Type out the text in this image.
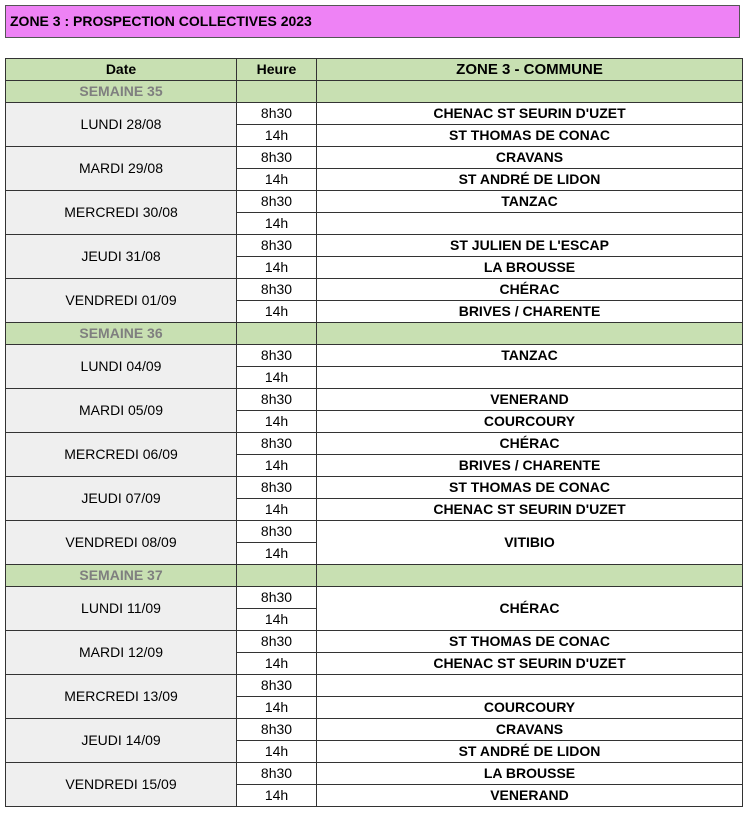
ZONE 3 : PROSPECTION COLLECTIVES 2023
Date	Heure	ZONE 3 - COMMUNE
SEMAINE 35		
LUNDI 28/08	8h30	CHENAC ST SEURIN D'UZET
	14h	ST THOMAS DE CONAC
MARDI 29/08	8h30	CRAVANS
	14h	ST ANDRÉ DE LIDON
MERCREDI 30/08	8h30	TANZAC
	14h	
JEUDI 31/08	8h30	ST JULIEN DE L'ESCAP
	14h	LA BROUSSE
VENDREDI 01/09	8h30	CHÉRAC
	14h	BRIVES / CHARENTE
SEMAINE 36		
LUNDI 04/09	8h30	TANZAC
	14h	
MARDI 05/09	8h30	VENERAND
	14h	COURCOURY
MERCREDI 06/09	8h30	CHÉRAC
	14h	BRIVES / CHARENTE
JEUDI 07/09	8h30	ST THOMAS DE CONAC
	14h	CHENAC ST SEURIN D'UZET
VENDREDI 08/09	8h30	VITIBIO
	14h	
SEMAINE 37		
LUNDI 11/09	8h30	CHÉRAC
	14h	
MARDI 12/09	8h30	ST THOMAS DE CONAC
	14h	CHENAC ST SEURIN D'UZET
MERCREDI 13/09	8h30	
	14h	COURCOURY
JEUDI 14/09	8h30	CRAVANS
	14h	ST ANDRÉ DE LIDON
VENDREDI 15/09	8h30	LA BROUSSE
	14h	VENERAND
